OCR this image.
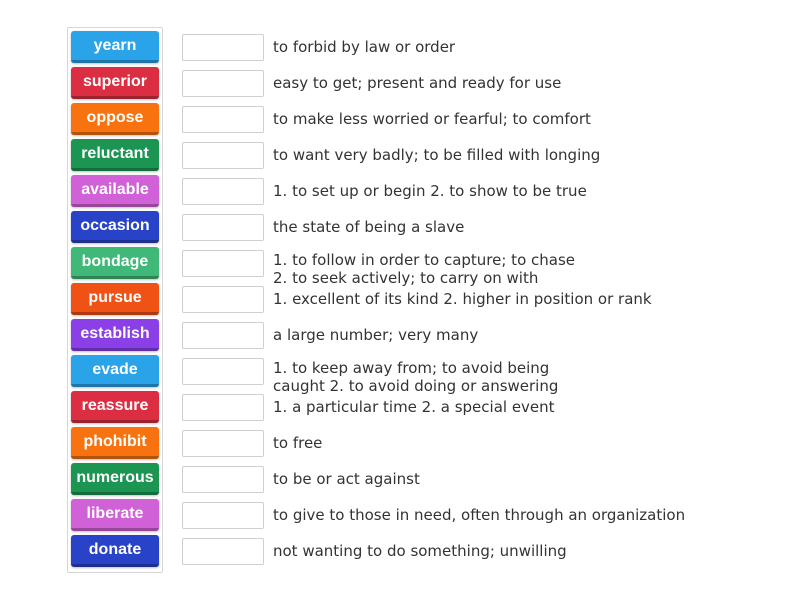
yearn
superior
oppose
reluctant
available
occasion
bondage
pursue
establish
evade
reassure
phohibit
numerous
liberate
donate
to forbid by law or order
easy to get; present and ready for use
to make less worried or fearful; to comfort
to want very badly; to be filled with longing
1. to set up or begin 2. to show to be true
the state of being a slave
1. to follow in order to capture; to chase
2. to seek actively; to carry on with
1. excellent of its kind 2. higher in position or rank
a large number; very many
1. to keep away from; to avoid being
caught 2. to avoid doing or answering
1. a particular time 2. a special event
to free
to be or act against
to give to those in need, often through an organization
not wanting to do something; unwilling
